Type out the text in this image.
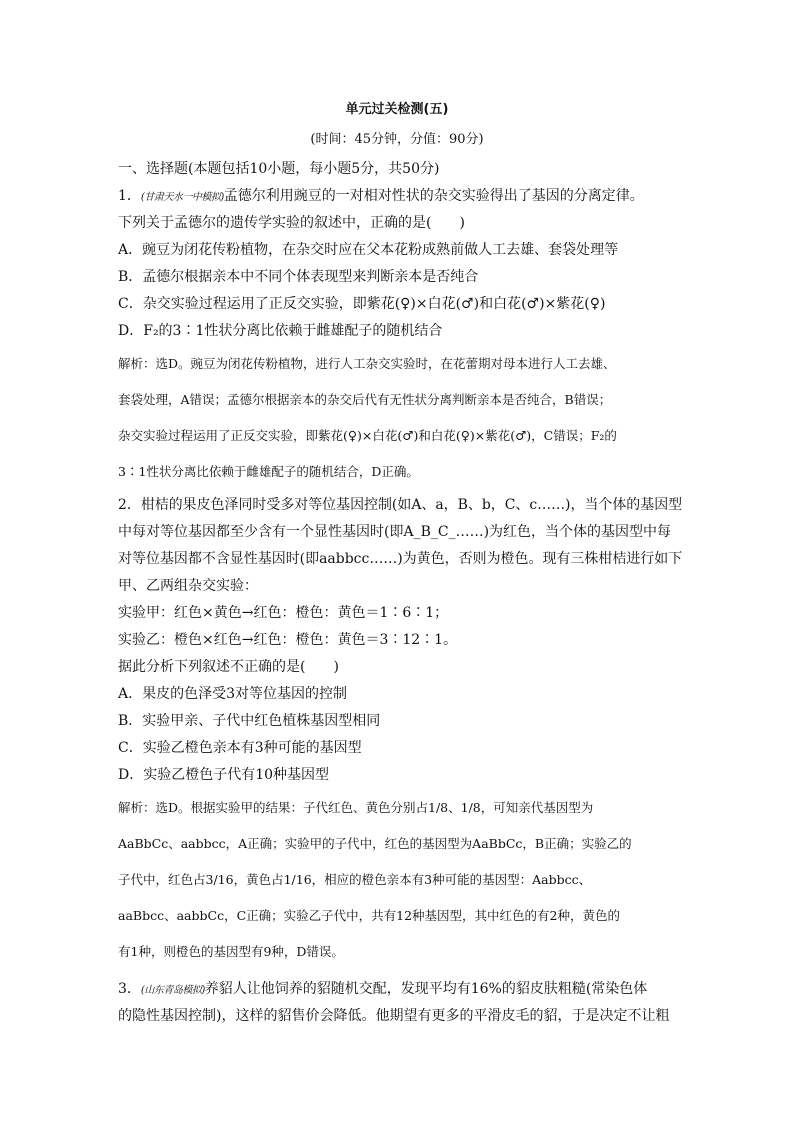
单元过关检测(五)
(时间：45分钟，分值：90分)
一、选择题(本题包括10小题，每小题5分，共50分)
1．(甘肃天水一中模拟)孟德尔利用豌豆的一对相对性状的杂交实验得出了基因的分离定律。
下列关于孟德尔的遗传学实验的叙述中，正确的是(　　)
A．豌豆为闭花传粉植物，在杂交时应在父本花粉成熟前做人工去雄、套袋处理等
B．孟德尔根据亲本中不同个体表现型来判断亲本是否纯合
C．杂交实验过程运用了正反交实验，即紫花(♀)×白花(♂)和白花(♂)×紫花(♀)
D．F₂的3∶1性状分离比依赖于雌雄配子的随机结合
解析：选D。豌豆为闭花传粉植物，进行人工杂交实验时，在花蕾期对母本进行人工去雄、
套袋处理，A错误；孟德尔根据亲本的杂交后代有无性状分离判断亲本是否纯合，B错误；
杂交实验过程运用了正反交实验，即紫花(♀)×白花(♂)和白花(♀)×紫花(♂)，C错误；F₂的
3∶1性状分离比依赖于雌雄配子的随机结合，D正确。
2．柑桔的果皮色泽同时受多对等位基因控制(如A、a，B、b，C、c……)，当个体的基因型
中每对等位基因都至少含有一个显性基因时(即A_B_C_……)为红色，当个体的基因型中每
对等位基因都不含显性基因时(即aabbcc……)为黄色，否则为橙色。现有三株柑桔进行如下
甲、乙两组杂交实验：
实验甲：红色×黄色→红色：橙色：黄色＝1∶6∶1；
实验乙：橙色×红色→红色：橙色：黄色＝3∶12∶1。
据此分析下列叙述不正确的是(　　)
A．果皮的色泽受3对等位基因的控制
B．实验甲亲、子代中红色植株基因型相同
C．实验乙橙色亲本有3种可能的基因型
D．实验乙橙色子代有10种基因型
解析：选D。根据实验甲的结果：子代红色、黄色分别占1/8、1/8，可知亲代基因型为
AaBbCc、aabbcc，A正确；实验甲的子代中，红色的基因型为AaBbCc，B正确；实验乙的
子代中，红色占3/16，黄色占1/16，相应的橙色亲本有3种可能的基因型：Aabbcc、
aaBbcc、aabbCc，C正确；实验乙子代中，共有12种基因型，其中红色的有2种，黄色的
有1种，则橙色的基因型有9种，D错误。
3．(山东青岛模拟)养貂人让他饲养的貂随机交配，发现平均有16%的貂皮肤粗糙(常染色体
的隐性基因控制)，这样的貂售价会降低。他期望有更多的平滑皮毛的貂，于是决定不让粗
